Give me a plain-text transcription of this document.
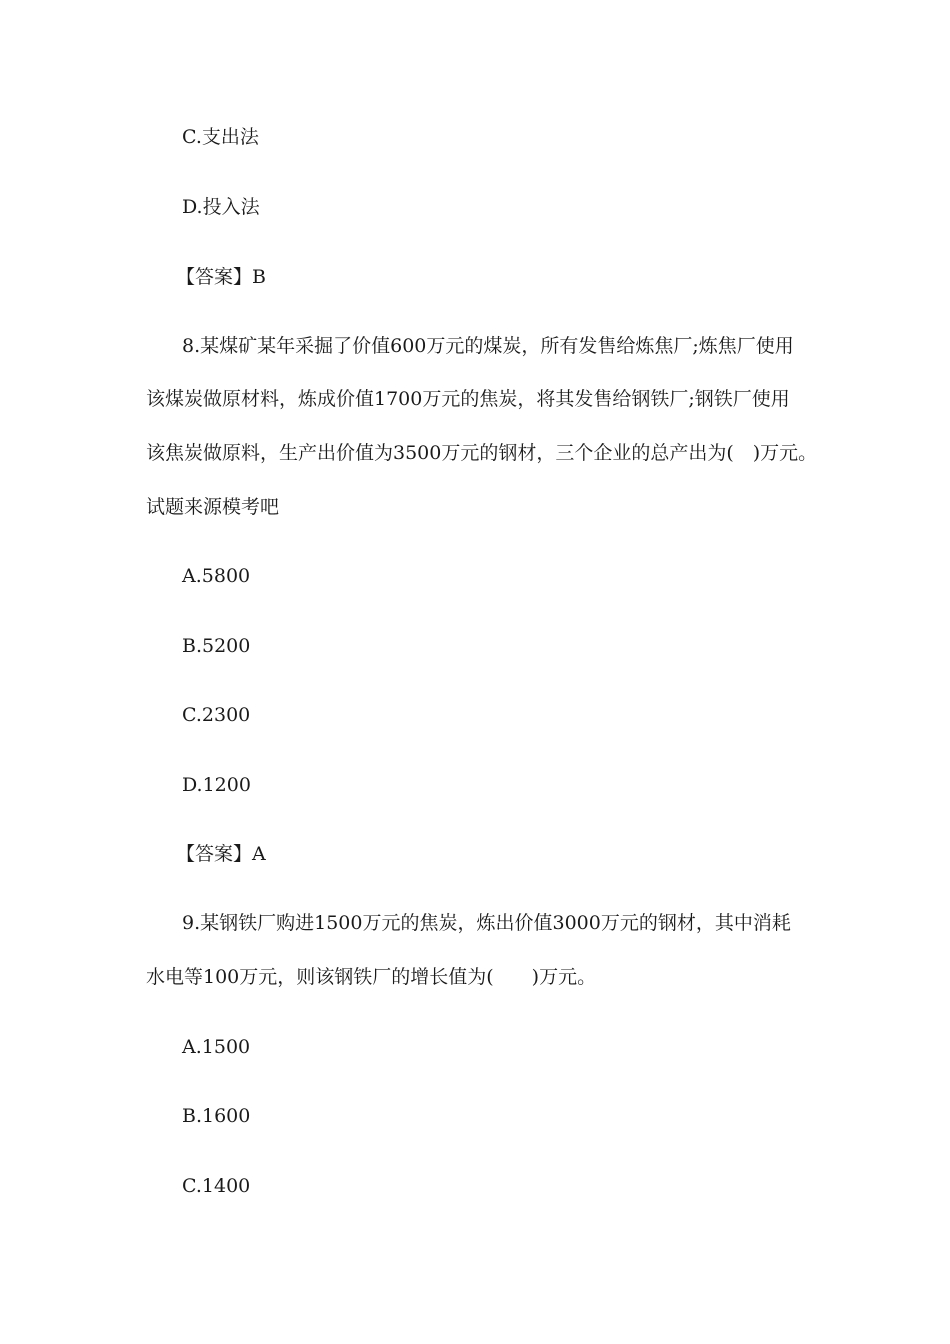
C.支出法
D.投入法
【答案】B
8.某煤矿某年采掘了价值600万元的煤炭，所有发售给炼焦厂;炼焦厂使用
该煤炭做原材料，炼成价值1700万元的焦炭，将其发售给钢铁厂;钢铁厂使用
该焦炭做原料，生产出价值为3500万元的钢材，三个企业的总产出为(　)万元。
试题来源模考吧
A.5800
B.5200
C.2300
D.1200
【答案】A
9.某钢铁厂购进1500万元的焦炭，炼出价值3000万元的钢材，其中消耗
水电等100万元，则该钢铁厂的增长值为(　　)万元。
A.1500
B.1600
C.1400
